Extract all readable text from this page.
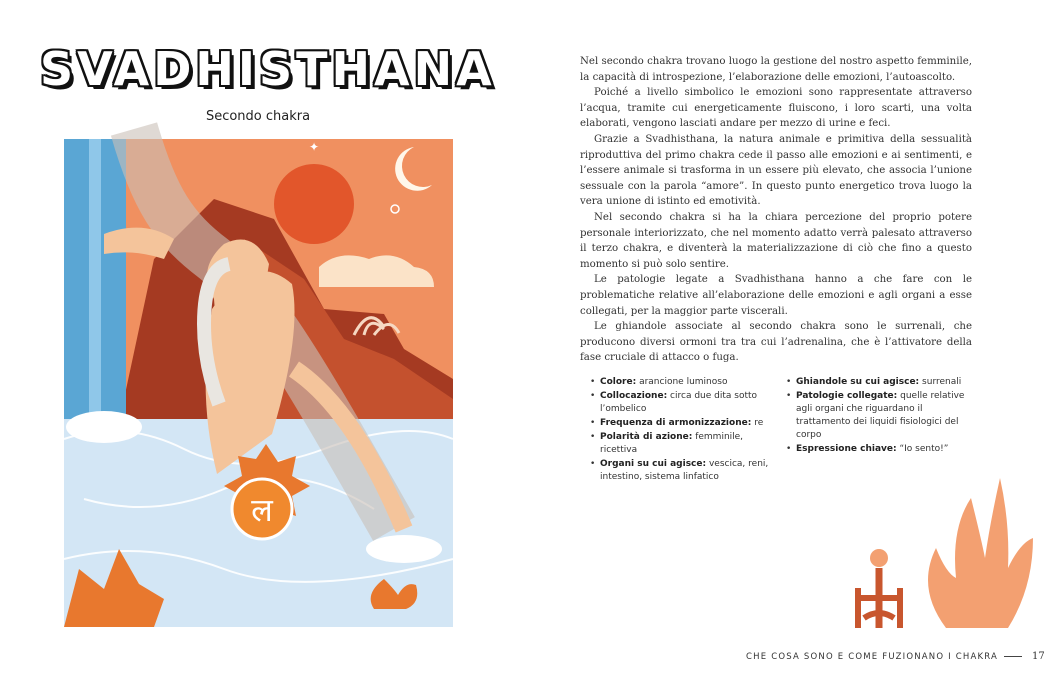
SVADHISTHANA
Secondo chakra
✦
ल

Nel secondo chakra trovano luogo la gestione del nostro aspetto femminile, la capacità di introspezione, l’elaborazione delle emozioni, l’autoascolto.

Poiché a livello simbolico le emozioni sono rappresentate attraverso l’acqua, tramite cui energeticamente fluiscono, i loro scarti, una volta elaborati, vengono lasciati andare per mezzo di urine e feci.

Grazie a Svadhisthana, la natura animale e primitiva della sessualità riproduttiva del primo chakra cede il passo alle emozioni e ai sentimenti, e l’essere animale si trasforma in un essere più elevato, che associa l’unione sessuale con la parola “amore”. In questo punto energetico trova luogo la vera unione di istinto ed emotività.

Nel secondo chakra si ha la chiara percezione del proprio potere personale interiorizzato, che nel momento adatto verrà palesato attraverso il terzo chakra, e diventerà la materializzazione di ciò che fino a questo momento si può solo sentire.

Le patologie legate a Svadhisthana hanno a che fare con le problematiche relative all’elaborazione delle emozioni e agli organi a esse collegati, per la maggior parte viscerali.

Le ghiandole associate al secondo chakra sono le surrenali, che producono diversi ormoni tra tra cui l’adrenalina, che è l’attivatore della fase cruciale di attacco o fuga.

• Colore: arancione luminoso
• Collocazione: circa due dita sotto l’ombelico
• Frequenza di armonizzazione: re
• Polarità di azione: femminile, ricettiva
• Organi su cui agisce: vescica, reni, intestino, sistema linfatico
• Ghiandole su cui agisce: surrenali
• Patologie collegate: quelle relative agli organi che riguardano il trattamento dei liquidi fisiologici del corpo
• Espressione chiave: “Io sento!”
CHE COSA SONO E COME FUZIONANO I CHAKRA	17
